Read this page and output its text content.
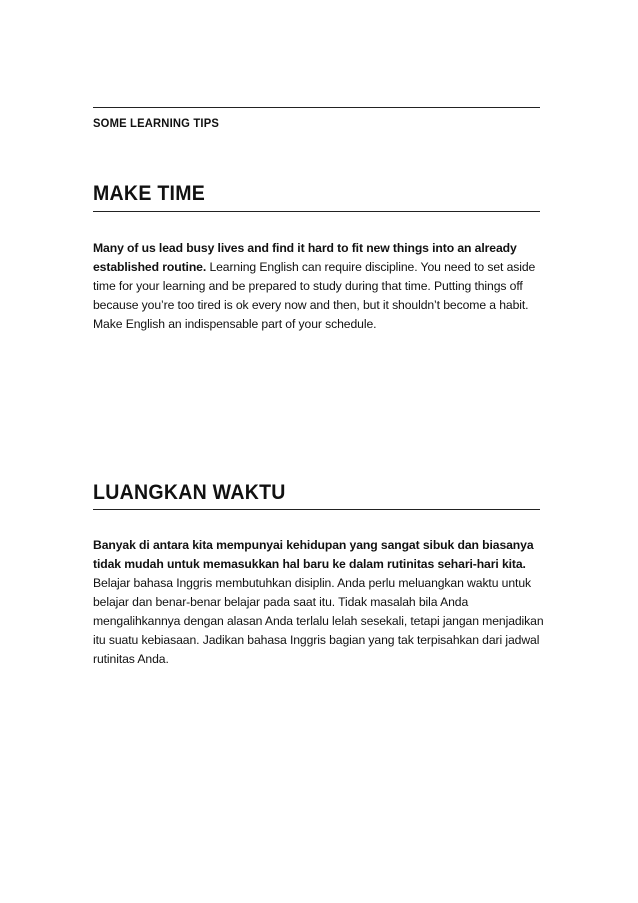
SOME LEARNING TIPS
MAKE TIME
Many of us lead busy lives and find it hard to fit new things into an already established routine. Learning English can require discipline. You need to set aside time for your learning and be prepared to study during that time. Putting things off because you’re too tired is ok every now and then, but it shouldn’t become a habit. Make English an indispensable part of your schedule.
LUANGKAN WAKTU
Banyak di antara kita mempunyai kehidupan yang sangat sibuk dan biasanya tidak mudah untuk memasukkan hal baru ke dalam rutinitas sehari-hari kita. Belajar bahasa Inggris membutuhkan disiplin. Anda perlu meluangkan waktu untuk belajar dan benar-benar belajar pada saat itu. Tidak masalah bila Anda mengalihkannya dengan alasan Anda terlalu lelah sesekali, tetapi jangan menjadikan itu suatu kebiasaan. Jadikan bahasa Inggris bagian yang tak terpisahkan dari jadwal rutinitas Anda.
